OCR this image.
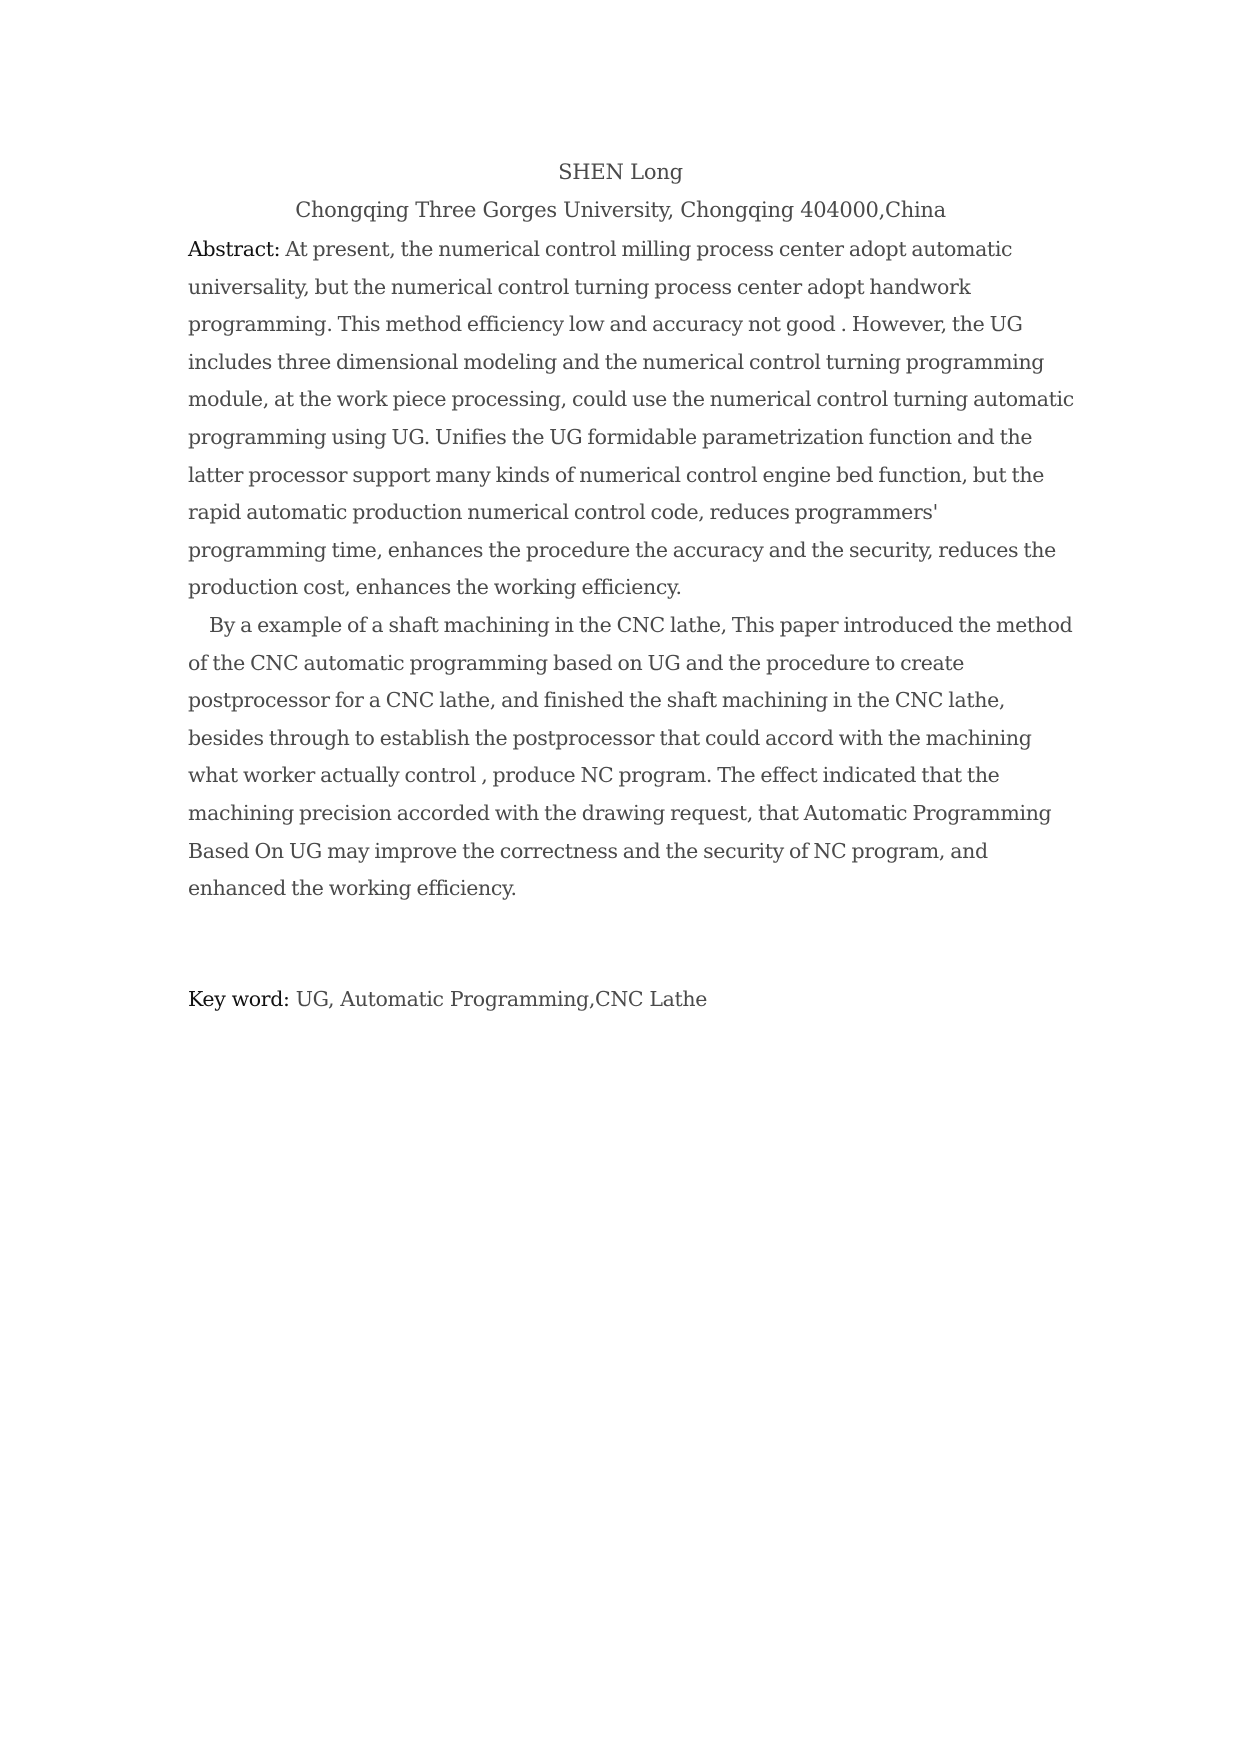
SHEN Long
Chongqing Three Gorges University, Chongqing 404000,China

Abstract: At present, the numerical control milling process center adopt automatic universality, but the numerical control turning process center adopt handwork programming. This method efficiency low and accuracy not good . However, the UG includes three dimensional modeling and the numerical control turning programming module, at the work piece processing, could use the numerical control turning automatic programming using UG. Unifies the UG formidable parametrization function and the latter processor support many kinds of numerical control engine bed function, but the rapid automatic production numerical control code, reduces programmers' programming time, enhances the procedure the accuracy and the security, reduces the production cost, enhances the working efficiency.

By a example of a shaft machining in the CNC lathe, This paper introduced the method of the CNC automatic programming based on UG and the procedure to create postprocessor for a CNC lathe, and finished the shaft machining in the CNC lathe, besides through to establish the postprocessor that could accord with the machining what worker actually control , produce NC program. The effect indicated that the machining precision accorded with the drawing request, that Automatic Programming Based On UG may improve the correctness and the security of NC program, and enhanced the working efficiency.

Key word: UG, Automatic Programming,CNC Lathe
